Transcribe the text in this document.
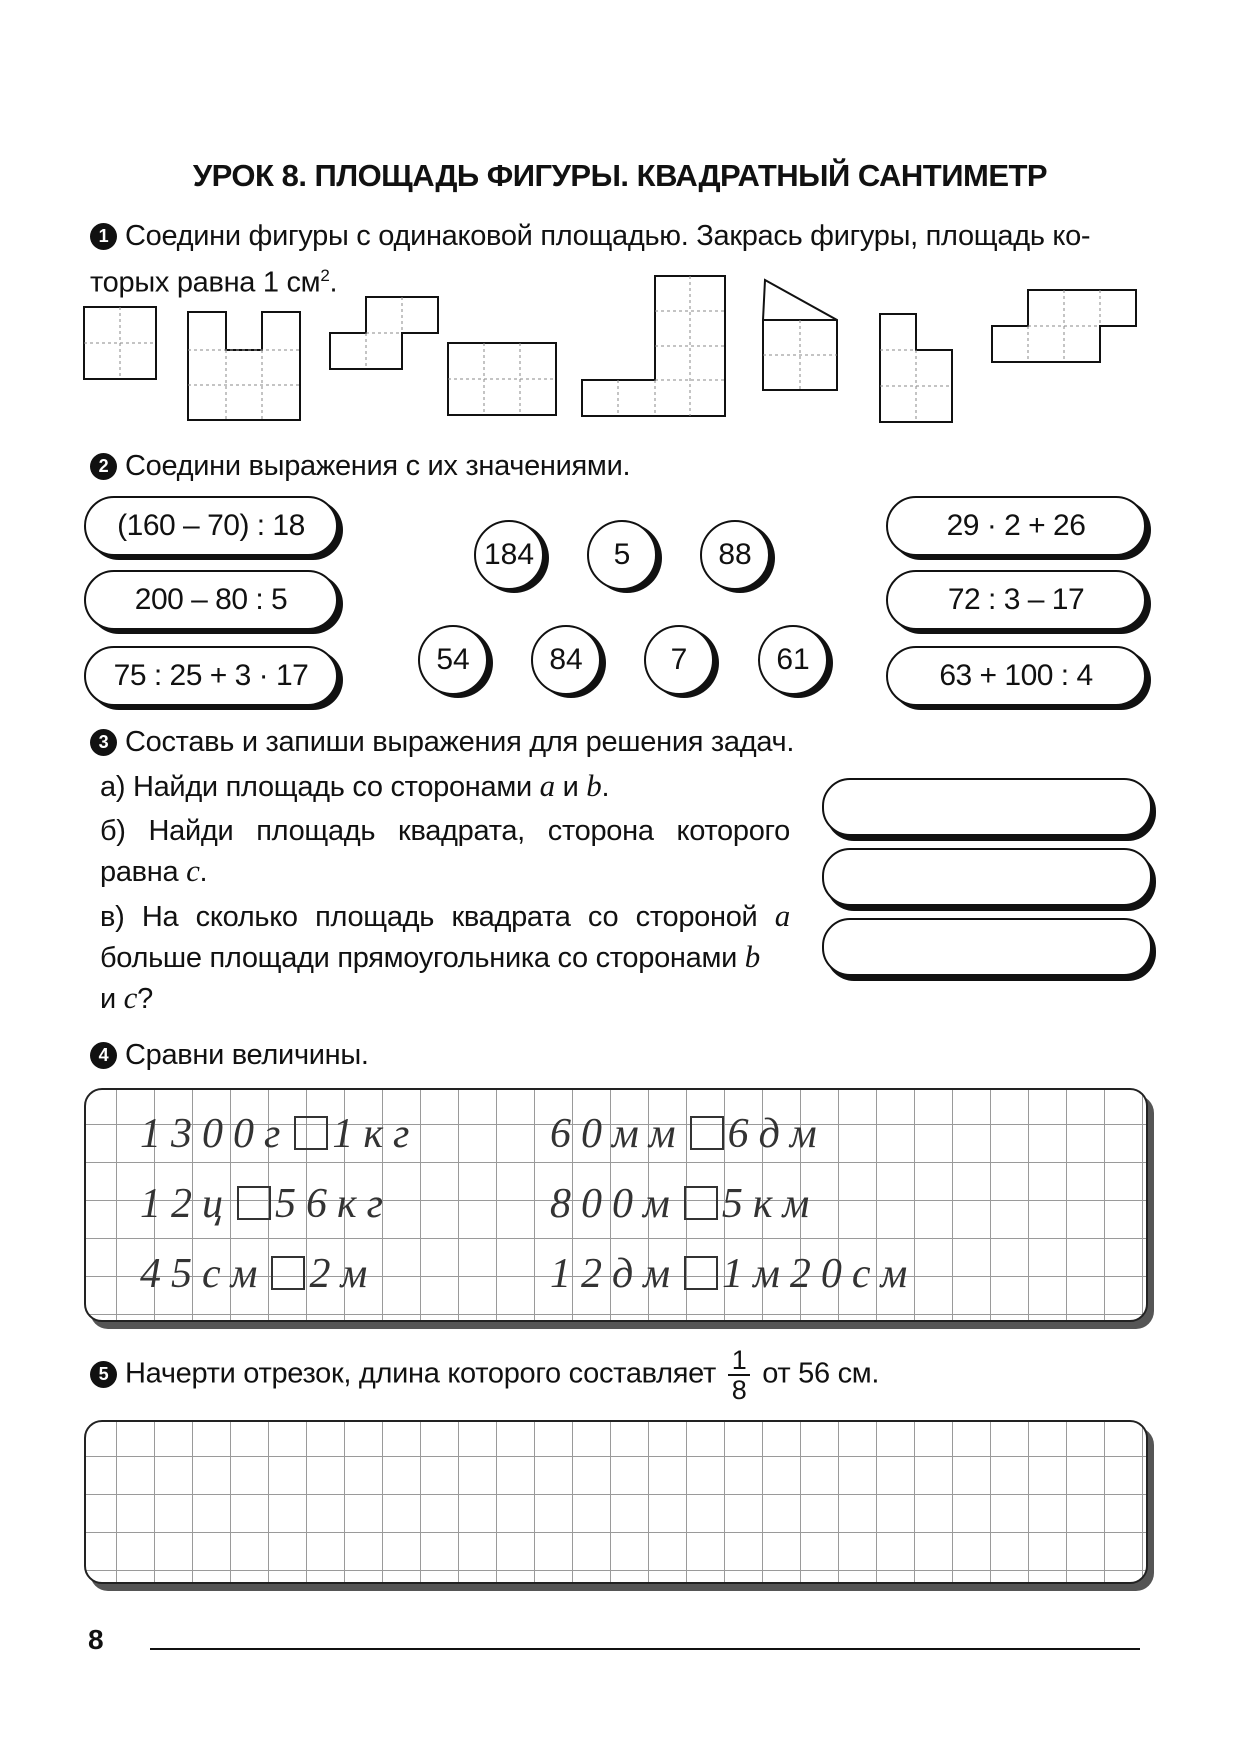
УРОК 8. ПЛОЩАДЬ ФИГУРЫ. КВАДРАТНЫЙ САНТИМЕТР
1 Соедини фигуры с одинаковой площадью. Закрась фигуры, площадь ко-
торых равна 1 $см^2$.
2 Соедини выражения с их значениями.
(160 – 70) : 18
200 – 80 : 5
75 : 25 + 3 · 17
184	5	88
54	84	7	61
29 · 2 + 26
72 : 3 – 17
63 + 100 : 4
3 Составь и запиши выражения для решения задач.
а) Найди площадь со сторонами a и b.
б) Найди площадь квадрата, сторона которого
равна c.
в) На сколько площадь квадрата со стороной a
больше площади прямоугольника со сторонами b
и c?
4 Сравни величины.
1300г 1кг	60мм 6дм
12ц 56кг	800м 5км
45см 2м	12дм 1м20см
5 Начерти отрезок, длина которого составляет $\frac{1}{8}$ от 56 см.
8
